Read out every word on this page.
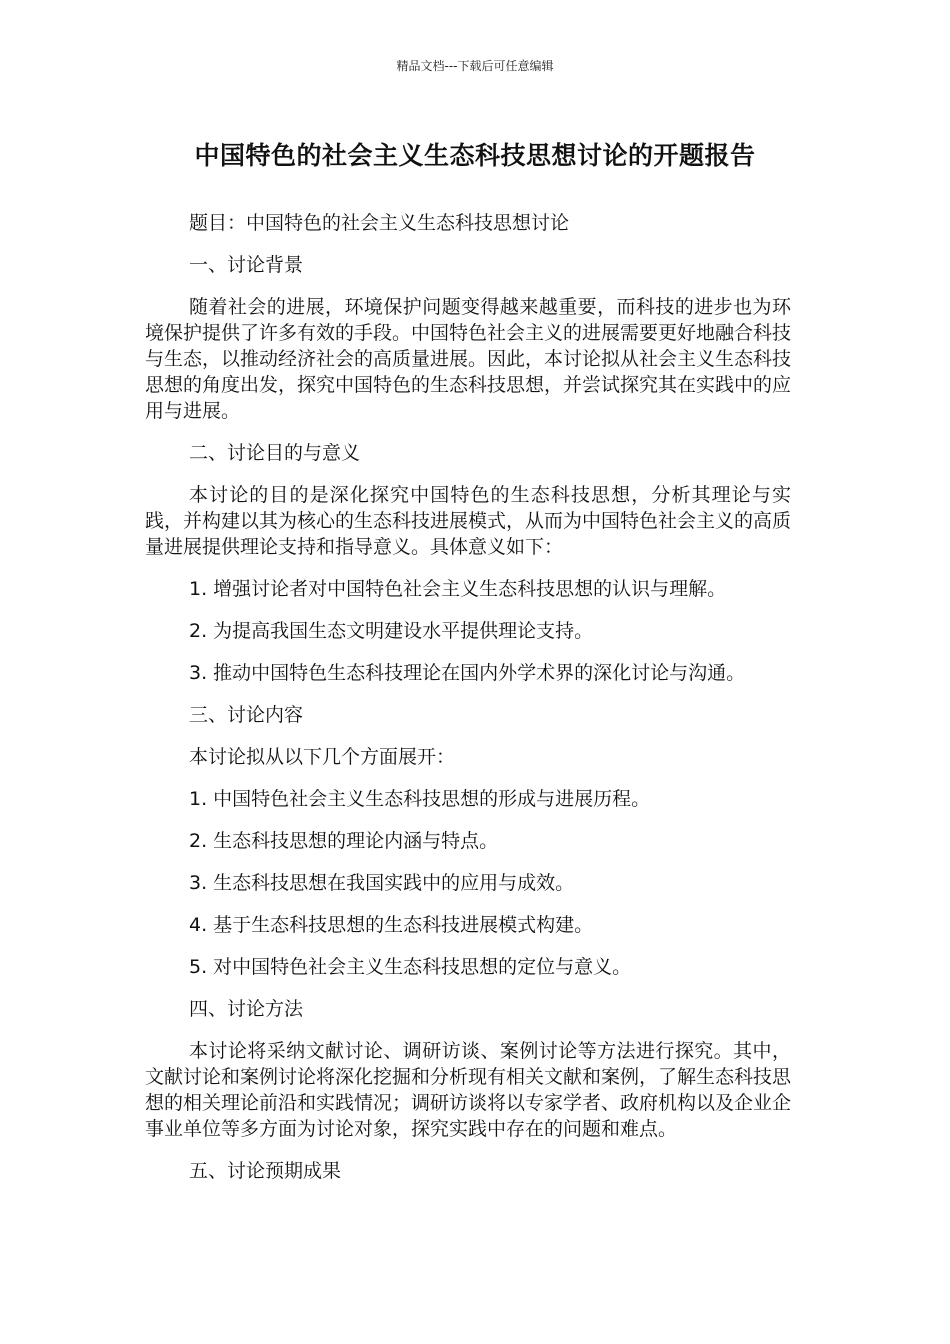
精品文档---下载后可任意编辑
中国特色的社会主义生态科技思想讨论的开题报告
题目：中国特色的社会主义生态科技思想讨论
一、讨论背景
随着社会的进展，环境保护问题变得越来越重要，而科技的进步也为环境保护提供了许多有效的手段。中国特色社会主义的进展需要更好地融合科技与生态，以推动经济社会的高质量进展。因此，本讨论拟从社会主义生态科技思想的角度出发，探究中国特色的生态科技思想，并尝试探究其在实践中的应用与进展。
二、讨论目的与意义
本讨论的目的是深化探究中国特色的生态科技思想，分析其理论与实践，并构建以其为核心的生态科技进展模式，从而为中国特色社会主义的高质量进展提供理论支持和指导意义。具体意义如下：
1. 增强讨论者对中国特色社会主义生态科技思想的认识与理解。
2. 为提高我国生态文明建设水平提供理论支持。
3. 推动中国特色生态科技理论在国内外学术界的深化讨论与沟通。
三、讨论内容
本讨论拟从以下几个方面展开：
1. 中国特色社会主义生态科技思想的形成与进展历程。
2. 生态科技思想的理论内涵与特点。
3. 生态科技思想在我国实践中的应用与成效。
4. 基于生态科技思想的生态科技进展模式构建。
5. 对中国特色社会主义生态科技思想的定位与意义。
四、讨论方法
本讨论将采纳文献讨论、调研访谈、案例讨论等方法进行探究。其中，文献讨论和案例讨论将深化挖掘和分析现有相关文献和案例，了解生态科技思想的相关理论前沿和实践情况；调研访谈将以专家学者、政府机构以及企业企事业单位等多方面为讨论对象，探究实践中存在的问题和难点。
五、讨论预期成果
